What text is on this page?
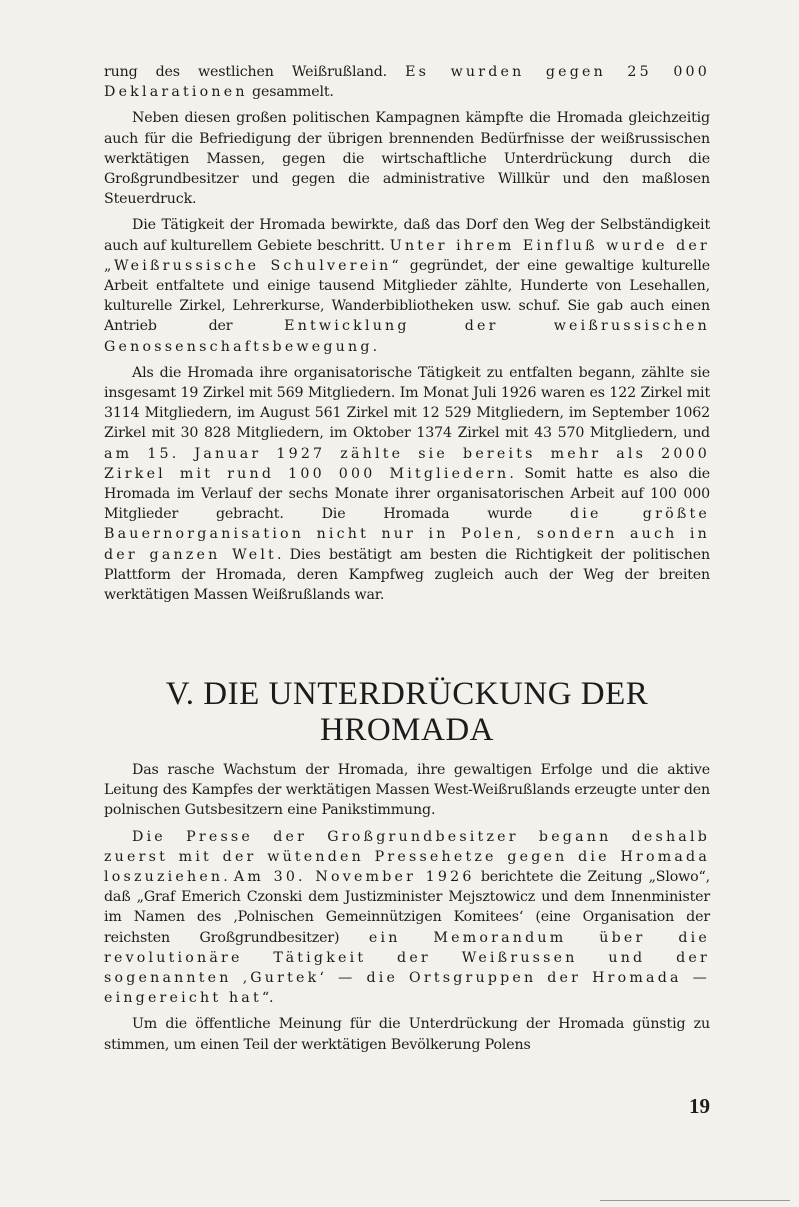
rung des westlichen Weißrußland. Es wurden gegen 25 000 Deklarationen gesammelt.

Neben diesen großen politischen Kampagnen kämpfte die Hromada gleichzeitig auch für die Befriedigung der übrigen brennenden Bedürfnisse der weißrussischen werktätigen Massen, gegen die wirtschaftliche Unterdrückung durch die Großgrundbesitzer und gegen die administrative Willkür und den maßlosen Steuerdruck.

Die Tätigkeit der Hromada bewirkte, daß das Dorf den Weg der Selbständigkeit auch auf kulturellem Gebiete beschritt. Unter ihrem Einfluß wurde der „Weißrussische Schulverein“ gegründet, der eine gewaltige kulturelle Arbeit entfaltete und einige tausend Mitglieder zählte, Hunderte von Lesehallen, kulturelle Zirkel, Lehrerkurse, Wanderbibliotheken usw. schuf. Sie gab auch einen Antrieb der Entwicklung der weißrussischen Genossenschaftsbewegung.

Als die Hromada ihre organisatorische Tätigkeit zu entfalten begann, zählte sie insgesamt 19 Zirkel mit 569 Mitgliedern. Im Monat Juli 1926 waren es 122 Zirkel mit 3114 Mitgliedern, im August 561 Zirkel mit 12 529 Mitgliedern, im September 1062 Zirkel mit 30 828 Mitgliedern, im Oktober 1374 Zirkel mit 43 570 Mitgliedern, und am 15. Januar 1927 zählte sie bereits mehr als 2000 Zirkel mit rund 100 000 Mitgliedern. Somit hatte es also die Hromada im Verlauf der sechs Monate ihrer organisatorischen Arbeit auf 100 000 Mitglieder gebracht. Die Hromada wurde die größte Bauernorganisation nicht nur in Polen, sondern auch in der ganzen Welt. Dies bestätigt am besten die Richtigkeit der politischen Plattform der Hromada, deren Kampfweg zugleich auch der Weg der breiten werktätigen Massen Weißrußlands war.

V. DIE UNTERDRÜCKUNG DER
HROMADA

Das rasche Wachstum der Hromada, ihre gewaltigen Erfolge und die aktive Leitung des Kampfes der werktätigen Massen West-Weißrußlands erzeugte unter den polnischen Gutsbesitzern eine Panikstimmung.

Die Presse der Großgrundbesitzer begann deshalb zuerst mit der wütenden Pressehetze gegen die Hromada loszuziehen. Am 30. November 1926 berichtete die Zeitung „Slowo“, daß „Graf Emerich Czonski dem Justizminister Mejsztowicz und dem Innenminister im Namen des ‚Polnischen Gemeinnützigen Komitees‘ (eine Organisation der reichsten Großgrundbesitzer) ein Memorandum über die revolutionäre Tätigkeit der Weißrussen und der sogenannten ‚Gurtek‘ — die Ortsgruppen der Hromada — eingereicht hat“.

Um die öffentliche Meinung für die Unterdrückung der Hromada günstig zu stimmen, um einen Teil der werktätigen Bevölkerung Polens

19
